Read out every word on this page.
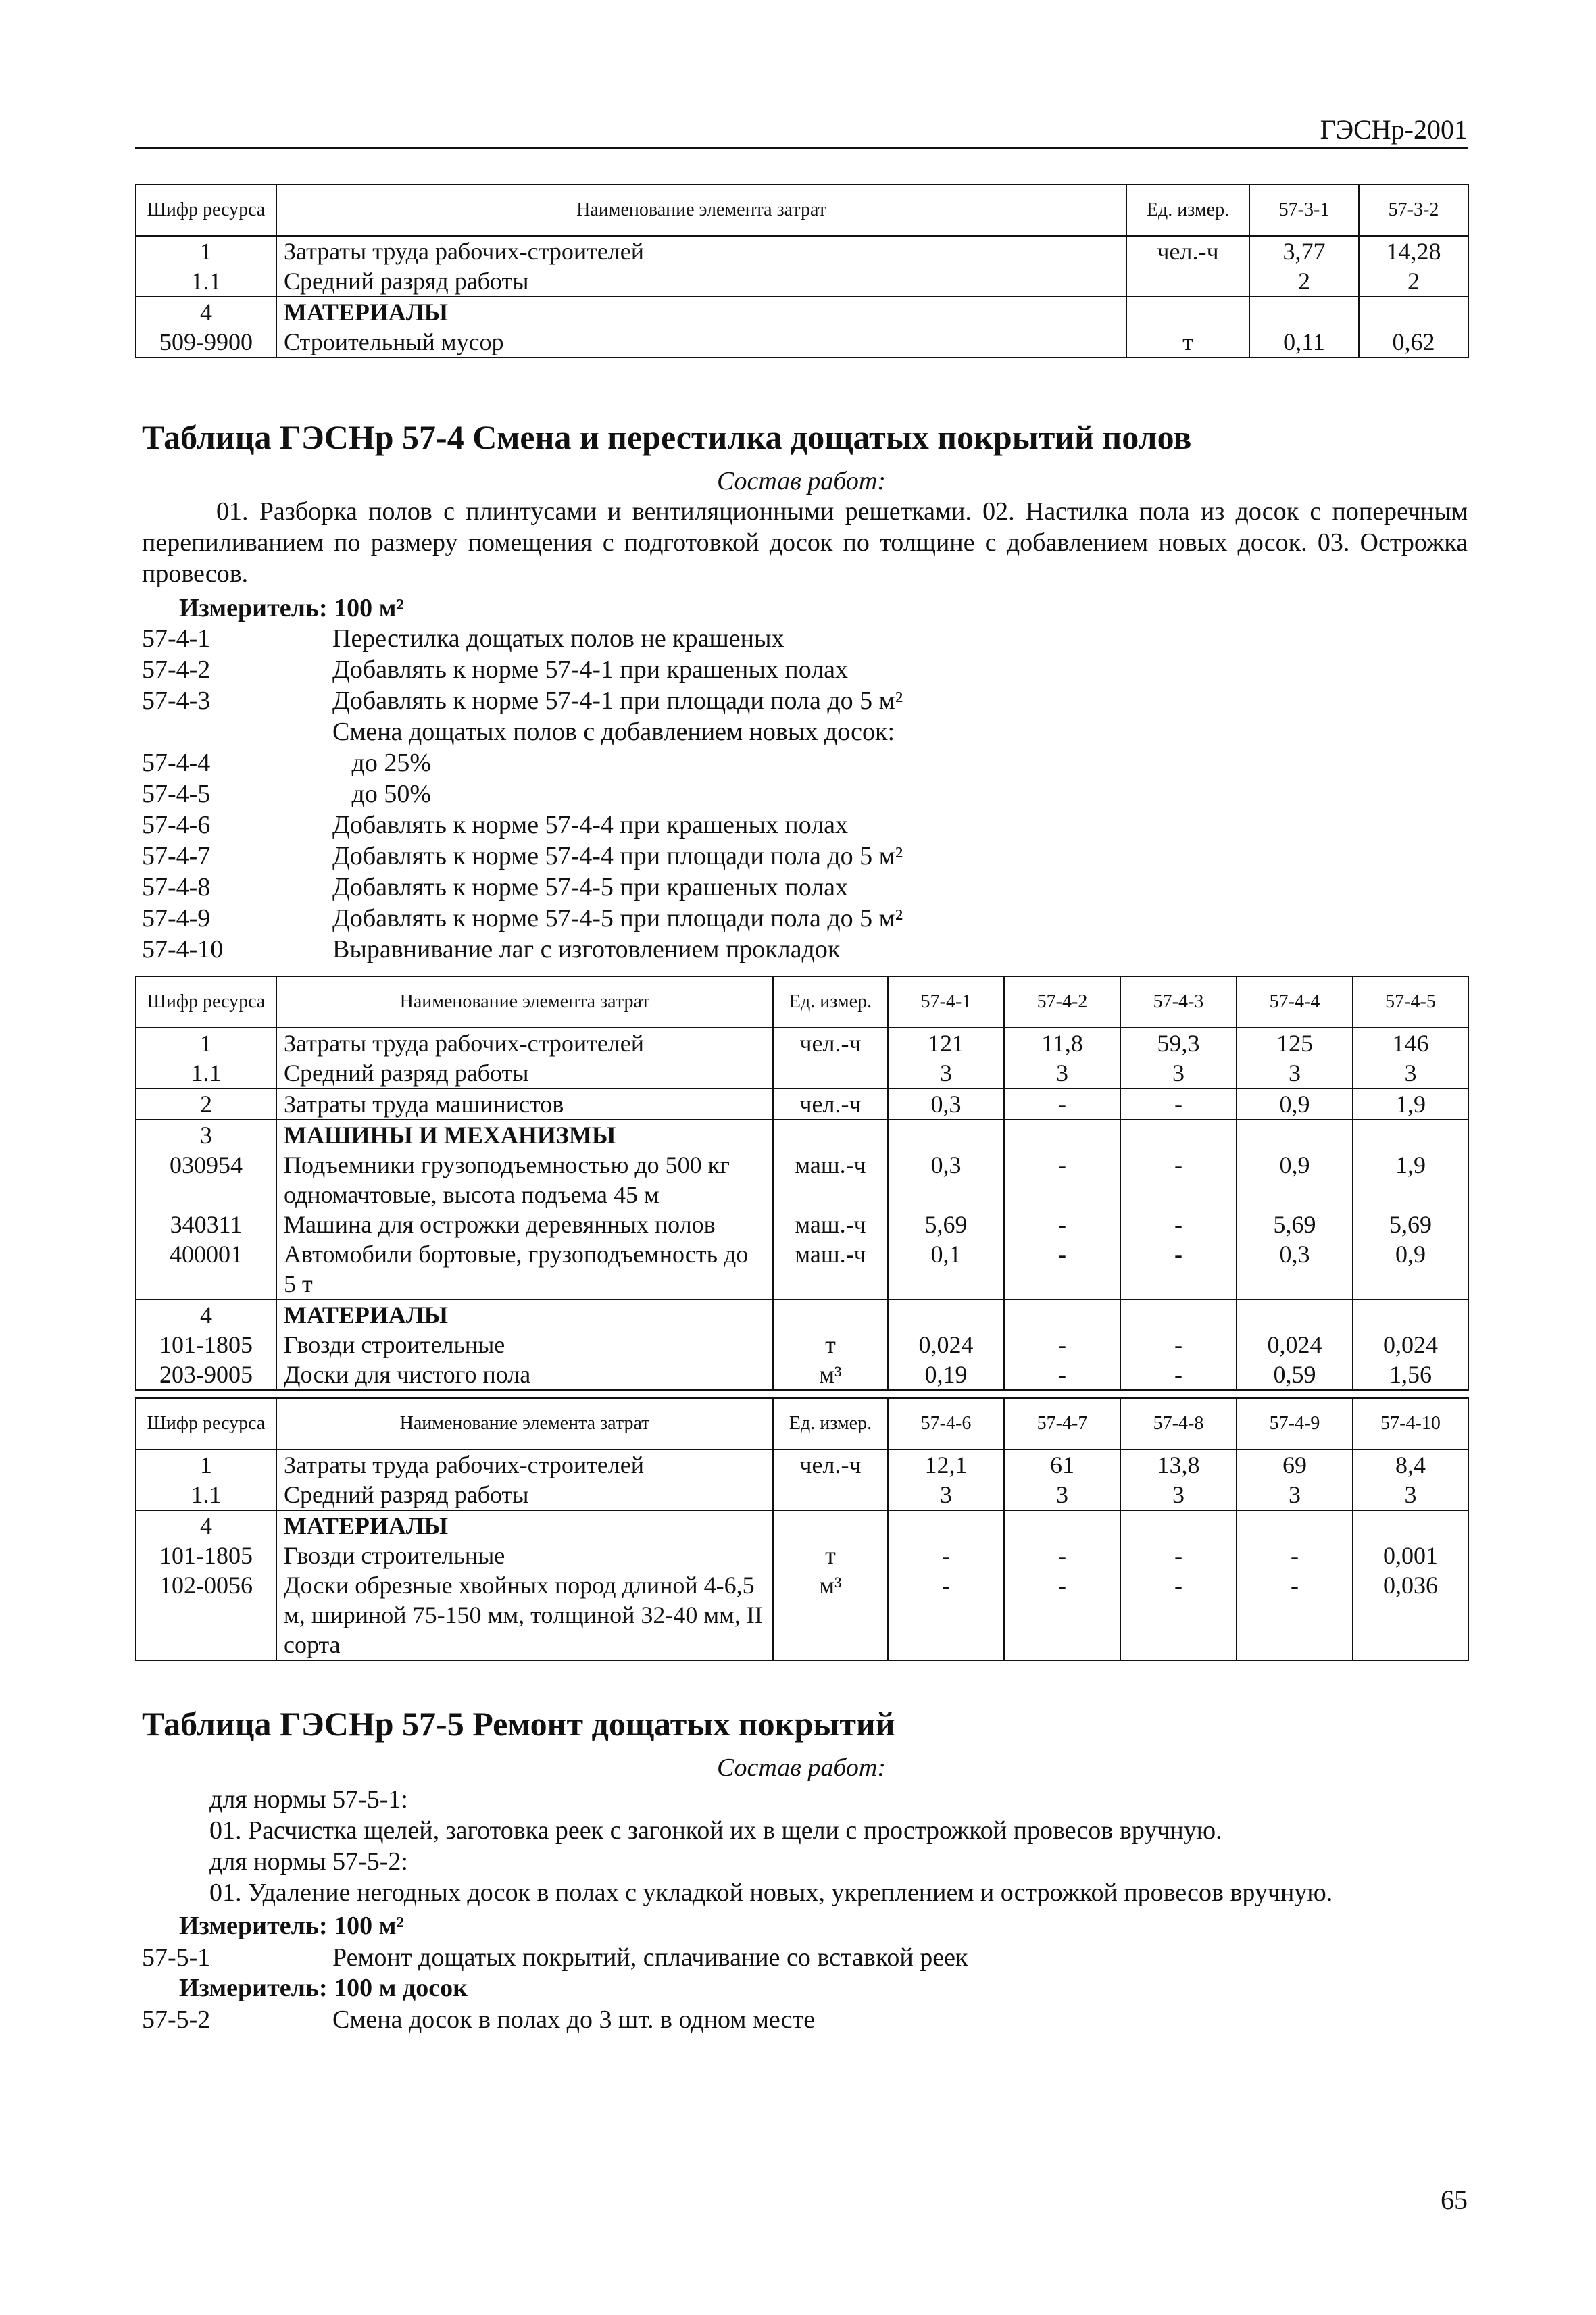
ГЭСНр-2001
Шифр ресурса	Наименование элемента затрат	Ед. измер.	57-3-1	57-3-2
1	Затраты труда рабочих-строителей	чел.-ч	3,77	14,28
1.1	Средний разряд работы		2	2
4	МАТЕРИАЛЫ			
509-9900	Строительный мусор	т	0,11	0,62
Таблица ГЭСНр 57-4 Смена и перестилка дощатых покрытий полов
Состав работ:
01. Разборка полов с плинтусами и вентиляционными решетками. 02. Настилка пола из досок с поперечным перепиливанием по размеру помещения с подготовкой досок по толщине с добавлением новых досок. 03. Острожка провесов.
Измеритель: 100 м²
57-4-1	Перестилка дощатых полов не крашеных
57-4-2	Добавлять к норме 57-4-1 при крашеных полах
57-4-3	Добавлять к норме 57-4-1 при площади пола до 5 м²
Смена дощатых полов с добавлением новых досок:
57-4-4	до 25%
57-4-5	до 50%
57-4-6	Добавлять к норме 57-4-4 при крашеных полах
57-4-7	Добавлять к норме 57-4-4 при площади пола до 5 м²
57-4-8	Добавлять к норме 57-4-5 при крашеных полах
57-4-9	Добавлять к норме 57-4-5 при площади пола до 5 м²
57-4-10	Выравнивание лаг с изготовлением прокладок
Шифр ресурса	Наименование элемента затрат	Ед. измер.	57-4-1	57-4-2	57-4-3	57-4-4	57-4-5
1	Затраты труда рабочих-строителей	чел.-ч	121	11,8	59,3	125	146
1.1	Средний разряд работы		3	3	3	3	3
2	Затраты труда машинистов	чел.-ч	0,3	-	-	0,9	1,9
3	МАШИНЫ И МЕХАНИЗМЫ						
030954	Подъемники грузоподъемностью до 500 кг одномачтовые, высота подъема 45 м	маш.-ч	0,3	-	-	0,9	1,9
340311	Машина для острожки деревянных полов	маш.-ч	5,69	-	-	5,69	5,69
400001	Автомобили бортовые, грузоподъемность до 5 т	маш.-ч	0,1	-	-	0,3	0,9
4	МАТЕРИАЛЫ						
101-1805	Гвозди строительные	т	0,024	-	-	0,024	0,024
203-9005	Доски для чистого пола	м³	0,19	-	-	0,59	1,56
Шифр ресурса	Наименование элемента затрат	Ед. измер.	57-4-6	57-4-7	57-4-8	57-4-9	57-4-10
1	Затраты труда рабочих-строителей	чел.-ч	12,1	61	13,8	69	8,4
1.1	Средний разряд работы		3	3	3	3	3
4	МАТЕРИАЛЫ						
101-1805	Гвозди строительные	т	-	-	-	-	0,001
102-0056	Доски обрезные хвойных пород длиной 4-6,5 м, шириной 75-150 мм, толщиной 32-40 мм, II сорта	м³	-	-	-	-	0,036
Таблица ГЭСНр 57-5 Ремонт дощатых покрытий
Состав работ:
для нормы 57-5-1:
01. Расчистка щелей, заготовка реек с загонкой их в щели с прострожкой провесов вручную.
для нормы 57-5-2:
01. Удаление негодных досок в полах с укладкой новых, укреплением и острожкой провесов вручную.
Измеритель: 100 м²
57-5-1	Ремонт дощатых покрытий, сплачивание со вставкой реек
Измеритель: 100 м досок
57-5-2	Смена досок в полах до 3 шт. в одном месте
65
